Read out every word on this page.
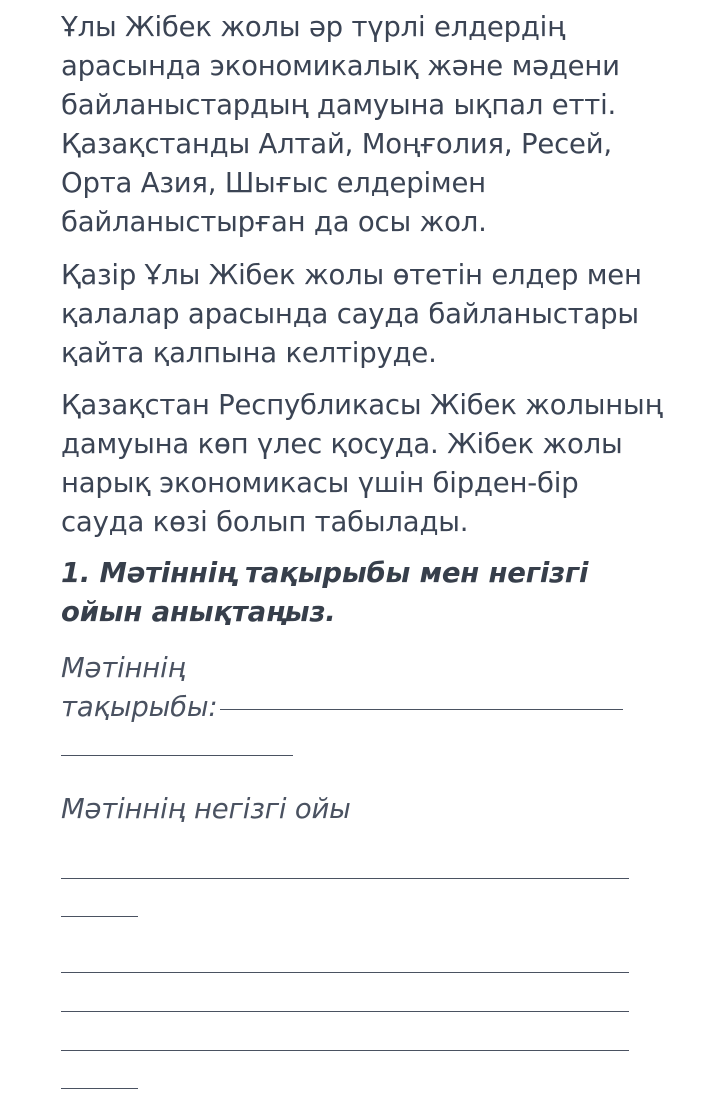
Ұлы Жібек жолы әр түрлі елдердің
арасында экономикалық және мәдени
байланыстардың дамуына ықпал етті.
Қазақстанды Алтай, Моңғолия, Ресей,
Орта Азия, Шығыс елдерімен
байланыстырған да осы жол.
Қазір Ұлы Жібек жолы өтетін елдер мен
қалалар арасында сауда байланыстары
қайта қалпына келтіруде.
Қазақстан Республикасы Жібек жолының
дамуына көп үлес қосуда. Жібек жолы
нарық экономикасы үшін бірден-бір
сауда көзі болып табылады.
1. Мәтіннің тақырыбы мен негізгі
ойын анықтаңыз.
Мәтіннің
тақырыбы:
Мәтіннің негізгі ойы
